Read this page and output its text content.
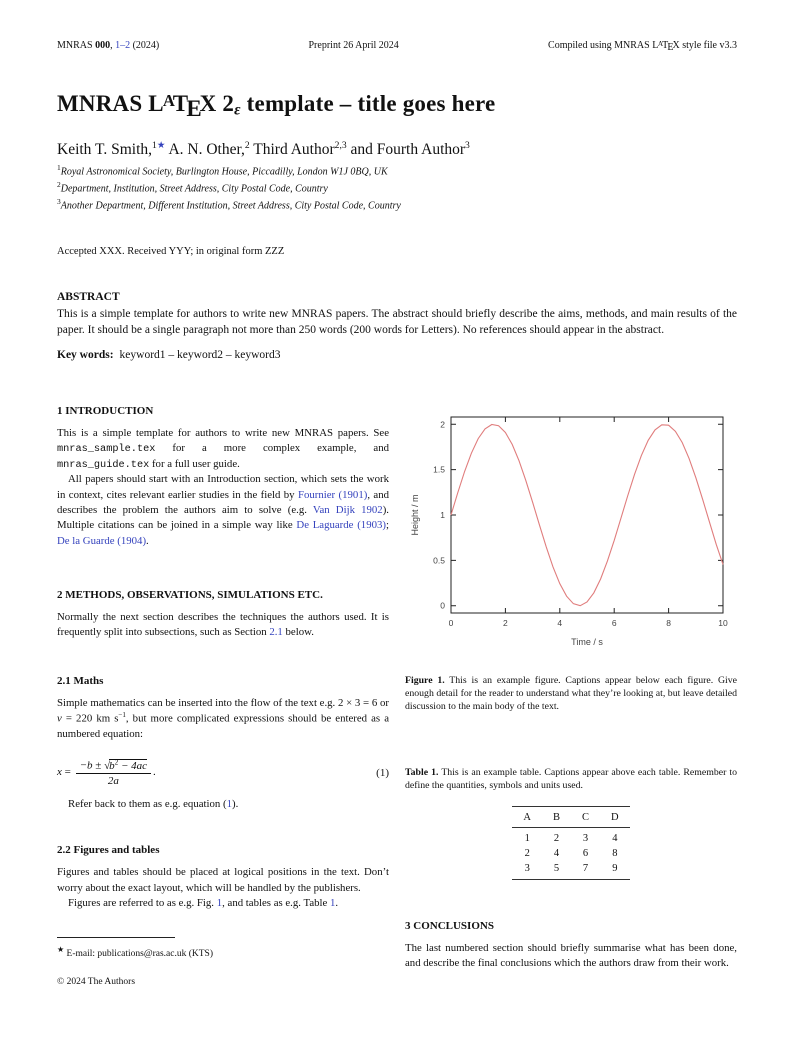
MNRAS 000, 1–2 (2024)	Preprint 26 April 2024	Compiled using MNRAS LATEX style file v3.3
MNRAS LATEX 2ε template – title goes here
Keith T. Smith,$^{1★}$ A. N. Other,$^2$ Third Author$^{2,3}$ and Fourth Author$^3$
$^1$Royal Astronomical Society, Burlington House, Piccadilly, London W1J 0BQ, UK
$^2$Department, Institution, Street Address, City Postal Code, Country
$^3$Another Department, Different Institution, Street Address, City Postal Code, Country
Accepted XXX. Received YYY; in original form ZZZ
ABSTRACT
This is a simple template for authors to write new MNRAS papers. The abstract should briefly describe the aims, methods, and main results of the paper. It should be a single paragraph not more than 250 words (200 words for Letters). No references should appear in the abstract.
Key words: keyword1 – keyword2 – keyword3
1 INTRODUCTION

This is a simple template for authors to write new MNRAS papers. See mnras_sample.tex for a more complex example, and mnras_guide.tex for a full user guide.

All papers should start with an Introduction section, which sets the work in context, cites relevant earlier studies in the field by Fournier (1901), and describes the problem the authors aim to solve (e.g. Van Dijk 1902). Multiple citations can be joined in a simple way like De Laguarde (1903); De la Guarde (1904).

2 METHODS, OBSERVATIONS, SIMULATIONS ETC.

Normally the next section describes the techniques the authors used. It is frequently split into subsections, such as Section 2.1 below.

2.1 Maths

Simple mathematics can be inserted into the flow of the text e.g. 2 × 3 = 6 or v = 220 km $s^{-1}$, but more complicated expressions should be entered as a numbered equation:

$x = \frac{-b \pm √b^2 - 4ac}{2a}$ .	(1)

Refer back to them as e.g. equation (1).

2.2 Figures and tables

Figures and tables should be placed at logical positions in the text. Don’t worry about the exact layout, which will be handled by the publishers.

Figures are referred to as e.g. Fig. 1, and tables as e.g. Table 1.

★ E-mail: publications@ras.ac.uk (KTS)
© 2024 The Authors
0	2	4	6	8	10
0
0.5
1
1.5
2
Time / s
Height / m
Figure 1. This is an example figure. Captions appear below each figure. Give enough detail for the reader to understand what they’re looking at, but leave detailed discussion to the main body of the text.
Table 1. This is an example table. Captions appear above each table. Remember to define the quantities, symbols and units used.
A	B	C	D
1	2	3	4
2	4	6	8
3	5	7	9
3 CONCLUSIONS

The last numbered section should briefly summarise what has been done, and describe the final conclusions which the authors draw from their work.
